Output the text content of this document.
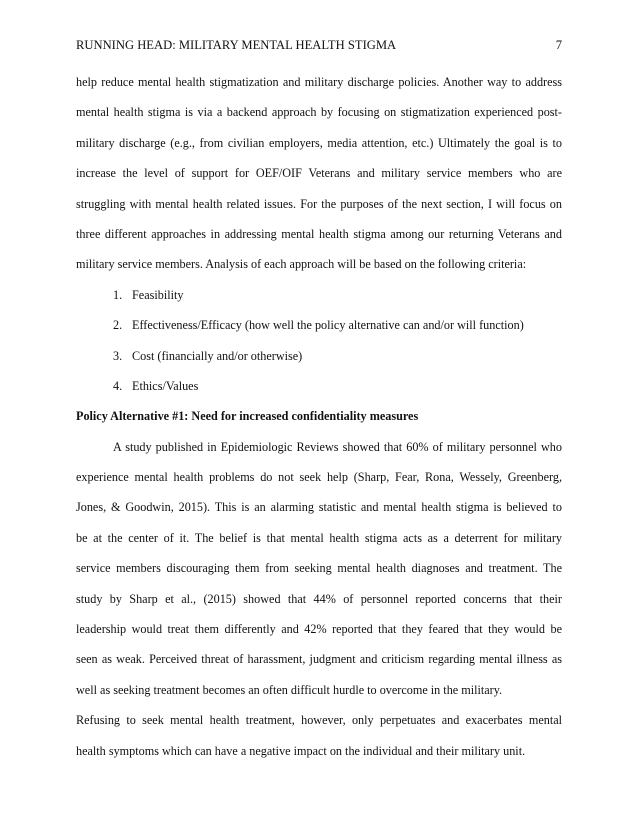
RUNNING HEAD: MILITARY MENTAL HEALTH STIGMA	7
help reduce mental health stigmatization and military discharge policies. Another way to address
mental health stigma is via a backend approach by focusing on stigmatization experienced post-
military discharge (e.g., from civilian employers, media attention, etc.) Ultimately the goal is to
increase the level of support for OEF/OIF Veterans and military service members who are
struggling with mental health related issues. For the purposes of the next section, I will focus on
three different approaches in addressing mental health stigma among our returning Veterans and
military service members. Analysis of each approach will be based on the following criteria:
1. Feasibility
2. Effectiveness/Efficacy (how well the policy alternative can and/or will function)
3. Cost (financially and/or otherwise)
4. Ethics/Values
Policy Alternative #1: Need for increased confidentiality measures
A study published in Epidemiologic Reviews showed that 60% of military personnel who
experience mental health problems do not seek help (Sharp, Fear, Rona, Wessely, Greenberg,
Jones, & Goodwin, 2015). This is an alarming statistic and mental health stigma is believed to
be at the center of it. The belief is that mental health stigma acts as a deterrent for military
service members discouraging them from seeking mental health diagnoses and treatment. The
study by Sharp et al., (2015) showed that 44% of personnel reported concerns that their
leadership would treat them differently and 42% reported that they feared that they would be
seen as weak. Perceived threat of harassment, judgment and criticism regarding mental illness as
well as seeking treatment becomes an often difficult hurdle to overcome in the military.
Refusing to seek mental health treatment, however, only perpetuates and exacerbates mental
health symptoms which can have a negative impact on the individual and their military unit.
